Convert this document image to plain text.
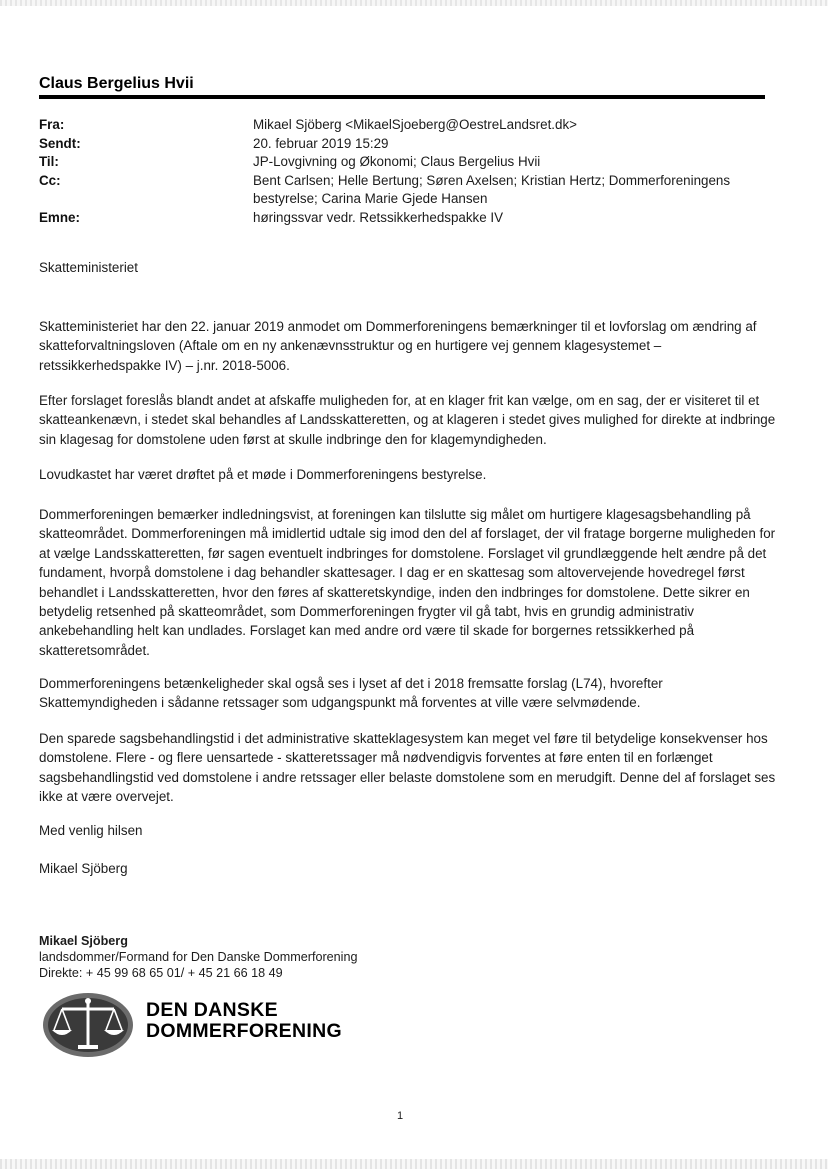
Claus Bergelius Hvii
Fra:	Mikael Sjöberg <MikaelSjoeberg@OestreLandsret.dk>
Sendt:	20. februar 2019 15:29
Til:	JP-Lovgivning og Økonomi; Claus Bergelius Hvii
Cc:	Bent Carlsen; Helle Bertung; Søren Axelsen; Kristian Hertz; Dommerforeningens bestyrelse; Carina Marie Gjede Hansen
Emne:	høringssvar vedr. Retssikkerhedspakke IV
Skatteministeriet

Skatteministeriet har den 22. januar 2019 anmodet om Dommerforeningens bemærkninger til et lovforslag om ændring af skatteforvaltningsloven (Aftale om en ny ankenævnsstruktur og en hurtigere vej gennem klagesystemet – retssikkerhedspakke IV) – j.nr. 2018-5006.

Efter forslaget foreslås blandt andet at afskaffe muligheden for, at en klager frit kan vælge, om en sag, der er visiteret til et skatteankenævn, i stedet skal behandles af Landsskatteretten, og at klageren i stedet gives mulighed for direkte at indbringe sin klagesag for domstolene uden først at skulle indbringe den for klagemyndigheden.

Lovudkastet har været drøftet på et møde i Dommerforeningens bestyrelse.

Dommerforeningen bemærker indledningsvist, at foreningen kan tilslutte sig målet om hurtigere klagesagsbehandling på skatteområdet. Dommerforeningen må imidlertid udtale sig imod den del af forslaget, der vil fratage borgerne muligheden for at vælge Landsskatteretten, før sagen eventuelt indbringes for domstolene. Forslaget vil grundlæggende helt ændre på det fundament, hvorpå domstolene i dag behandler skattesager. I dag er en skattesag som altovervejende hovedregel først behandlet i Landsskatteretten, hvor den føres af skatteretskyndige, inden den indbringes for domstolene. Dette sikrer en betydelig retsenhed på skatteområdet, som Dommerforeningen frygter vil gå tabt, hvis en grundig administrativ ankebehandling helt kan undlades. Forslaget kan med andre ord være til skade for borgernes retssikkerhed på skatteretsområdet.

Dommerforeningens betænkeligheder skal også ses i lyset af det i 2018 fremsatte forslag (L74), hvorefter Skattemyndigheden i sådanne retssager som udgangspunkt må forventes at ville være selvmødende.

Den sparede sagsbehandlingstid i det administrative skatteklagesystem kan meget vel føre til betydelige konsekvenser hos domstolene. Flere - og flere uensartede - skatteretssager må nødvendigvis forventes at føre enten til en forlænget sagsbehandlingstid ved domstolene i andre retssager eller belaste domstolene som en merudgift. Denne del af forslaget ses ikke at være overvejet.

Med venlig hilsen

Mikael Sjöberg

Mikael Sjöberg
landsdommer/Formand for Den Danske Dommerforening
Direkte: + 45 99 68 65 01/ + 45 21 66 18 49
DEN DANSKE
DOMMERFORENING
1
